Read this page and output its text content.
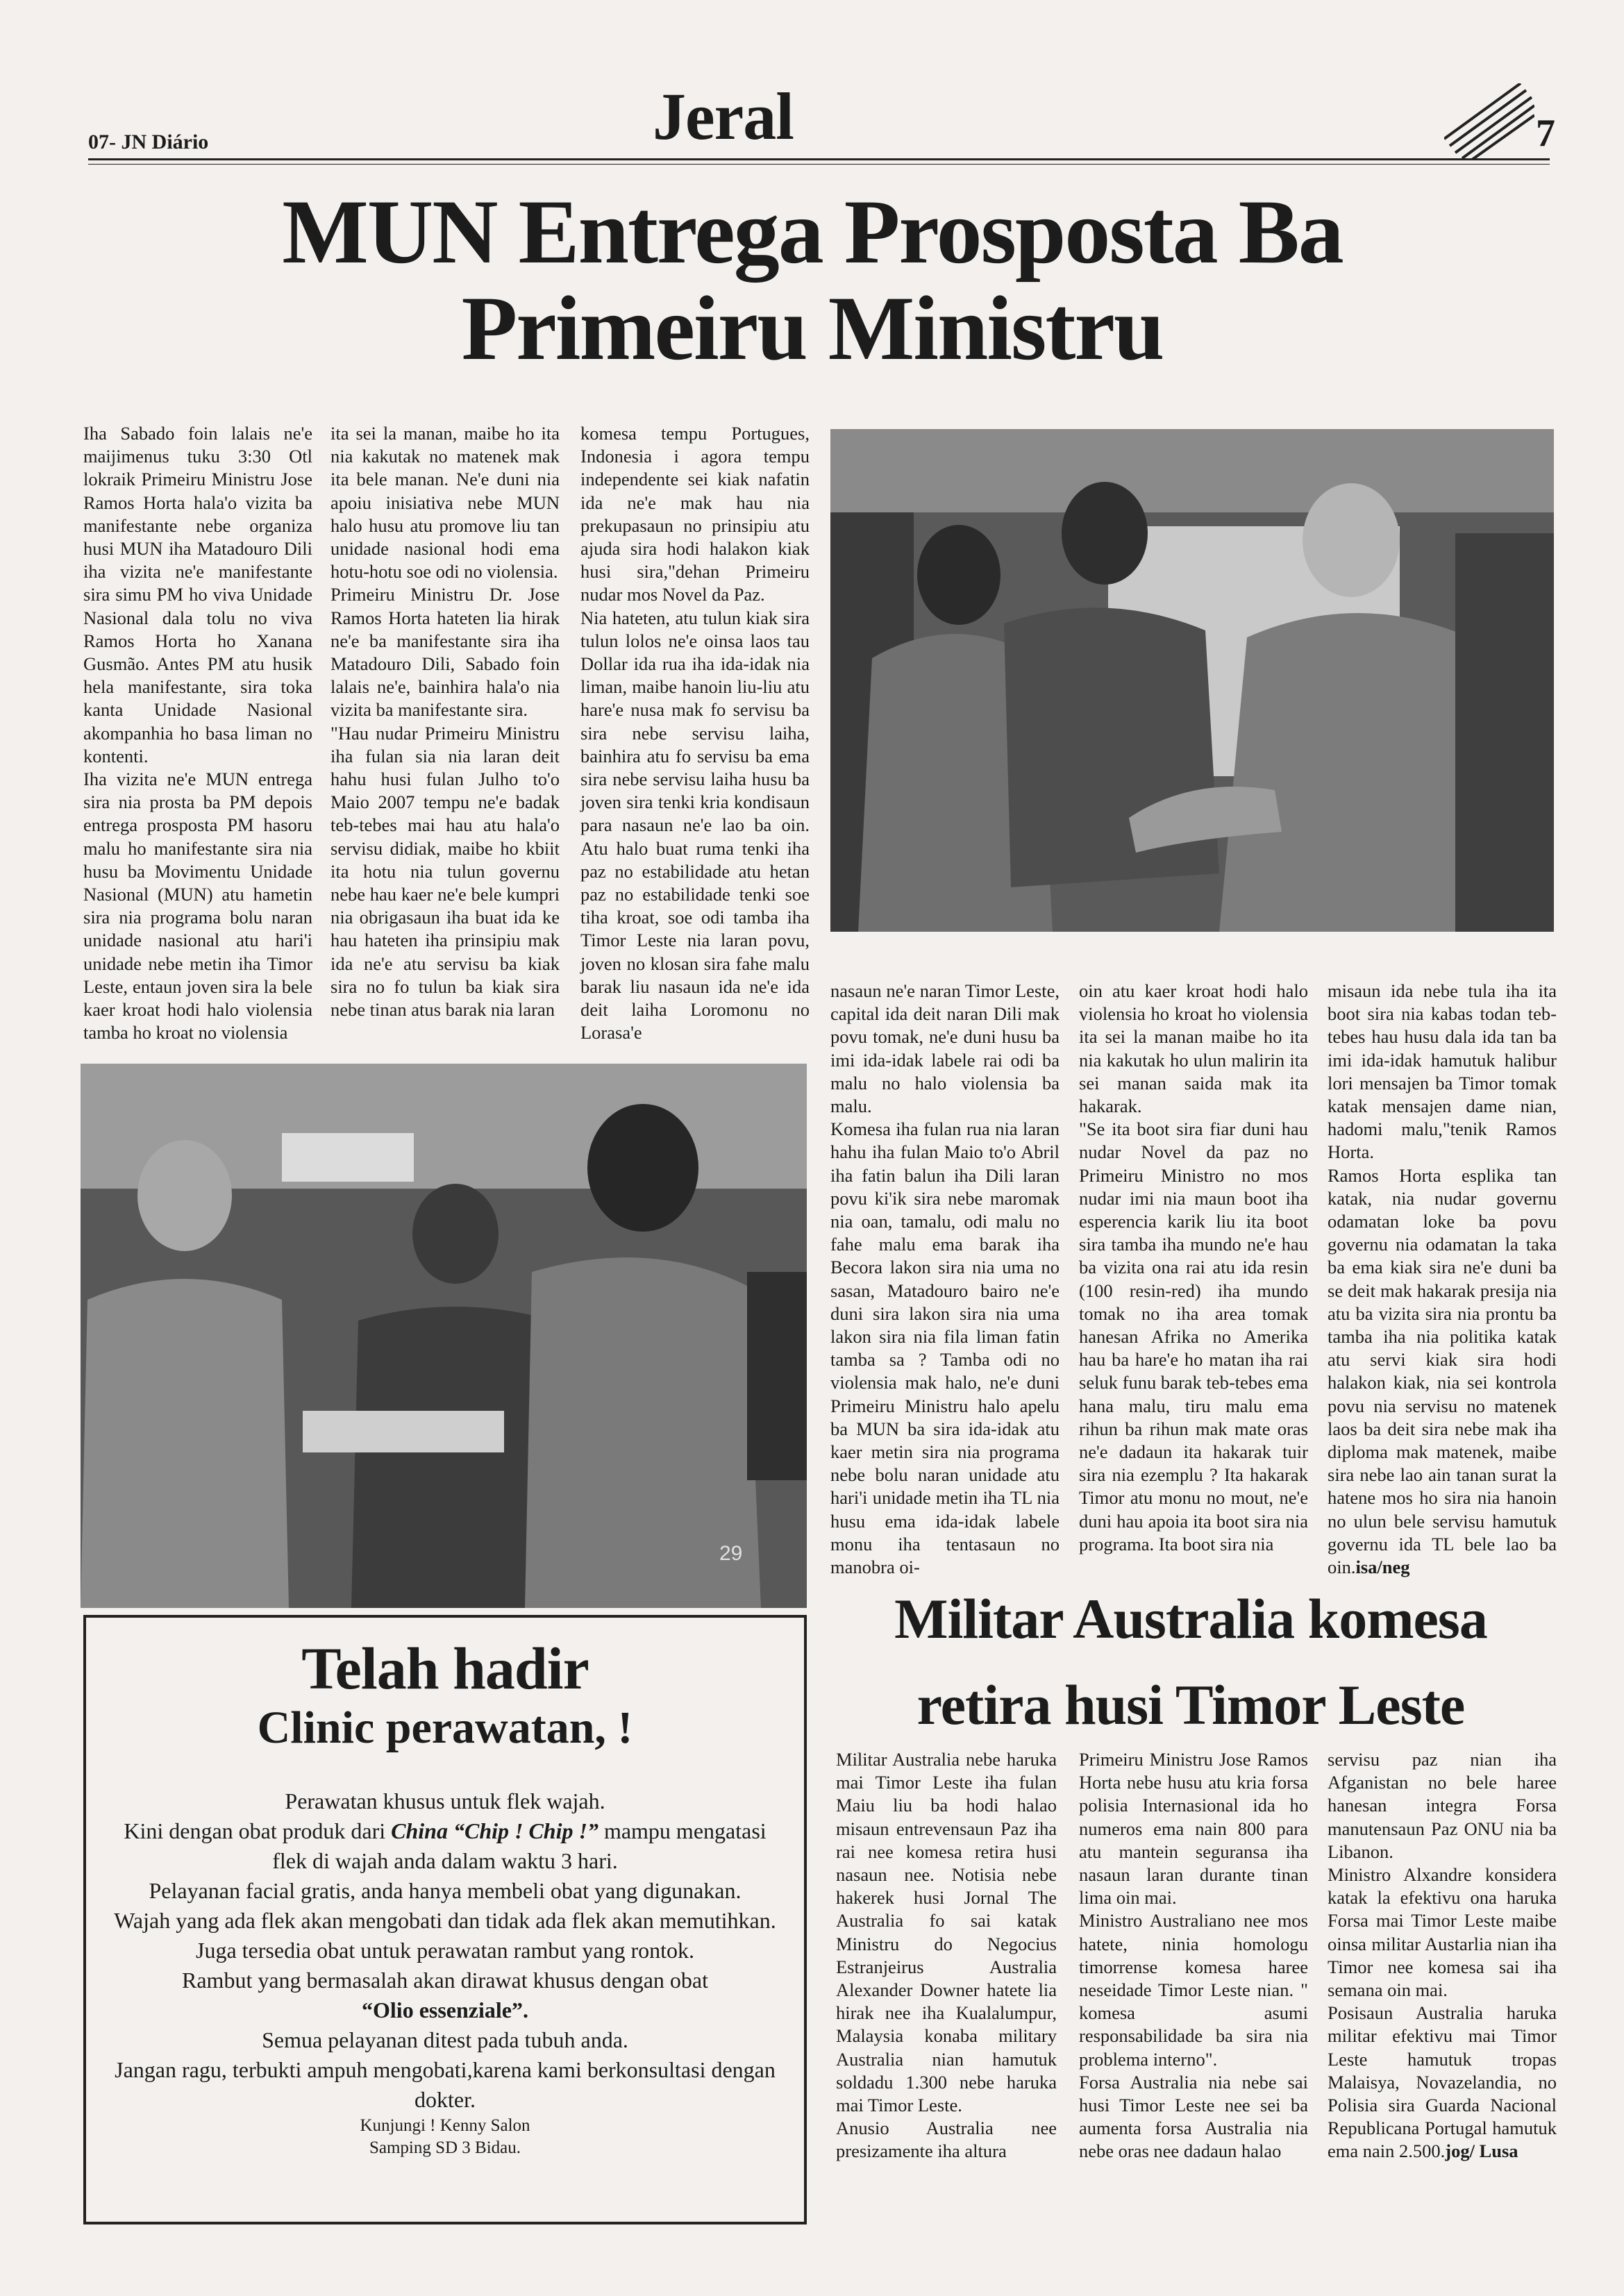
07- JN Diário	Jeral	7
MUN Entrega Prosposta Ba
Primeiru Ministru

Iha Sabado foin lalais ne'e maijimenus tuku 3:30 Otl lokraik Primeiru Ministru Jose Ramos Horta hala'o vizita ba manifestante nebe organiza husi MUN iha Matadouro Dili iha vizita ne'e manifestante sira simu PM ho viva Unidade Nasional dala tolu no viva Ramos Horta ho Xanana Gusmão. Antes PM atu husik hela manifestante, sira toka kanta Unidade Nasional akompanhia ho basa liman no kontenti.

Iha vizita ne'e MUN entrega sira nia prosta ba PM depois entrega prosposta PM hasoru malu ho manifestante sira nia husu ba Movimentu Unidade Nasional (MUN) atu hametin sira nia programa bolu naran unidade nasional atu hari'i unidade nebe metin iha Timor Leste, entaun joven sira la bele kaer kroat hodi halo violensia tamba ho kroat no violensia

ita sei la manan, maibe ho ita nia kakutak no matenek mak ita bele manan. Ne'e duni nia apoiu inisiativa nebe MUN halo husu atu promove liu tan unidade nasional hodi ema hotu-hotu soe odi no violensia.

Primeiru Ministru Dr. Jose Ramos Horta hateten lia hirak ne'e ba manifestante sira iha Matadouro Dili, Sabado foin lalais ne'e, bainhira hala'o nia vizita ba manifestante sira.

"Hau nudar Primeiru Ministru iha fulan sia nia laran deit hahu husi fulan Julho to'o Maio 2007 tempu ne'e badak teb-tebes mai hau atu hala'o servisu didiak, maibe ho kbiit ita hotu nia tulun governu nebe hau kaer ne'e bele kumpri nia obrigasaun iha buat ida ke hau hateten iha prinsipiu mak ida ne'e atu servisu ba kiak sira no fo tulun ba kiak sira nebe tinan atus barak nia laran

komesa tempu Portugues, Indonesia i agora tempu independente sei kiak nafatin ida ne'e mak hau nia prekupasaun no prinsipiu atu ajuda sira hodi halakon kiak husi sira,"dehan Primeiru nudar mos Novel da Paz.

Nia hateten, atu tulun kiak sira tulun lolos ne'e oinsa laos tau Dollar ida rua iha ida-idak nia liman, maibe hanoin liu-liu atu hare'e nusa mak fo servisu ba sira nebe servisu laiha, bainhira atu fo servisu ba ema sira nebe servisu laiha husu ba joven sira tenki kria kondisaun para nasaun ne'e lao ba oin. Atu halo buat ruma tenki iha paz no estabilidade atu hetan paz no estabilidade tenki soe tiha kroat, soe odi tamba iha Timor Leste nia laran povu, joven no klosan sira fahe malu barak liu nasaun ida ne'e ida deit laiha Loromonu no Lorasa'e

nasaun ne'e naran Timor Leste, capital ida deit naran Dili mak povu tomak, ne'e duni husu ba imi ida-idak labele rai odi ba malu no halo violensia ba malu.

Komesa iha fulan rua nia laran hahu iha fulan Maio to'o Abril iha fatin balun iha Dili laran povu ki'ik sira nebe maromak nia oan, tamalu, odi malu no fahe malu ema barak iha Becora lakon sira nia uma no sasan, Matadouro bairo ne'e duni sira lakon sira nia uma lakon sira nia fila liman fatin tamba sa ? Tamba odi no violensia mak halo, ne'e duni Primeiru Ministru halo apelu ba MUN ba sira ida-idak atu kaer metin sira nia programa nebe bolu naran unidade atu hari'i unidade metin iha TL nia husu ema ida-idak labele monu iha tentasaun no manobra oi-

oin atu kaer kroat hodi halo violensia ho kroat ho violensia ita sei la manan maibe ho ita nia kakutak ho ulun malirin ita sei manan saida mak ita hakarak.

"Se ita boot sira fiar duni hau nudar Novel da paz no Primeiru Ministro no mos nudar imi nia maun boot iha esperencia karik liu ita boot sira tamba iha mundo ne'e hau ba vizita ona rai atu ida resin (100 resin-red) iha mundo tomak no iha area tomak hanesan Afrika no Amerika hau ba hare'e ho matan iha rai seluk funu barak teb-tebes ema hana malu, tiru malu ema rihun ba rihun mak mate oras ne'e dadaun ita hakarak tuir sira nia ezemplu ? Ita hakarak Timor atu monu no mout, ne'e duni hau apoia ita boot sira nia programa. Ita boot sira nia

misaun ida nebe tula iha ita boot sira nia kabas todan teb-tebes hau husu dala ida tan ba imi ida-idak hamutuk halibur lori mensajen ba Timor tomak katak mensajen dame nian, hadomi malu,"tenik Ramos Horta.

Ramos Horta esplika tan katak, nia nudar governu odamatan loke ba povu governu nia odamatan la taka ba ema kiak sira ne'e duni ba se deit mak hakarak presija nia atu ba vizita sira nia prontu ba tamba iha nia politika katak atu servi kiak sira hodi halakon kiak, nia sei kontrola povu nia servisu no matenek laos ba deit sira nebe mak iha diploma mak matenek, maibe sira nebe lao ain tanan surat la hatene mos ho sira nia hanoin no ulun bele servisu hamutuk governu ida TL bele lao ba oin.isa/neg

29
Telah hadir
Clinic perawatan, !
Perawatan khusus untuk flek wajah.
Kini dengan obat produk dari China “Chip ! Chip !” mampu mengatasi flek di wajah anda dalam waktu 3 hari.
Pelayanan facial gratis, anda hanya membeli obat yang digunakan.
Wajah yang ada flek akan mengobati dan tidak ada flek akan memutihkan.
Juga tersedia obat untuk perawatan rambut yang rontok.
Rambut yang bermasalah akan dirawat khusus dengan obat
“Olio essenziale”.
Semua pelayanan ditest pada tubuh anda.
Jangan ragu, terbukti ampuh mengobati,karena kami berkonsultasi dengan dokter.
Kunjungi ! Kenny Salon
Samping SD 3 Bidau.
Militar Australia komesa
retira husi Timor Leste

Militar Australia nebe haruka mai Timor Leste iha fulan Maiu liu ba hodi halao misaun entrevensaun Paz iha rai nee komesa retira husi nasaun nee. Notisia nebe hakerek husi Jornal The Australia fo sai katak Ministru do Negocius Estranjeirus Australia Alexander Downer hatete lia hirak nee iha Kualalumpur, Malaysia konaba military Australia nian hamutuk soldadu 1.300 nebe haruka mai Timor Leste.

Anusio Australia nee presizamente iha altura

Primeiru Ministru Jose Ramos Horta nebe husu atu kria forsa polisia Internasional ida ho numeros ema nain 800 para atu mantein seguransa iha nasaun laran durante tinan lima oin mai.

Ministro Australiano nee mos hatete, ninia homologu timorrense komesa haree neseidade Timor Leste nian. " komesa asumi responsabilidade ba sira nia problema interno".

Forsa Australia nia nebe sai husi Timor Leste nee sei ba aumenta forsa Australia nia nebe oras nee dadaun halao

servisu paz nian iha Afganistan no bele haree hanesan integra Forsa manutensaun Paz ONU nia ba Libanon.

Ministro Alxandre konsidera katak la efektivu ona haruka Forsa mai Timor Leste maibe oinsa militar Austarlia nian iha Timor nee komesa sai iha semana oin mai.

Posisaun Australia haruka militar efektivu mai Timor Leste hamutuk tropas Malaisya, Novazelandia, no Polisia sira Guarda Nacional Republicana Portugal hamutuk ema nain 2.500.jog/ Lusa
